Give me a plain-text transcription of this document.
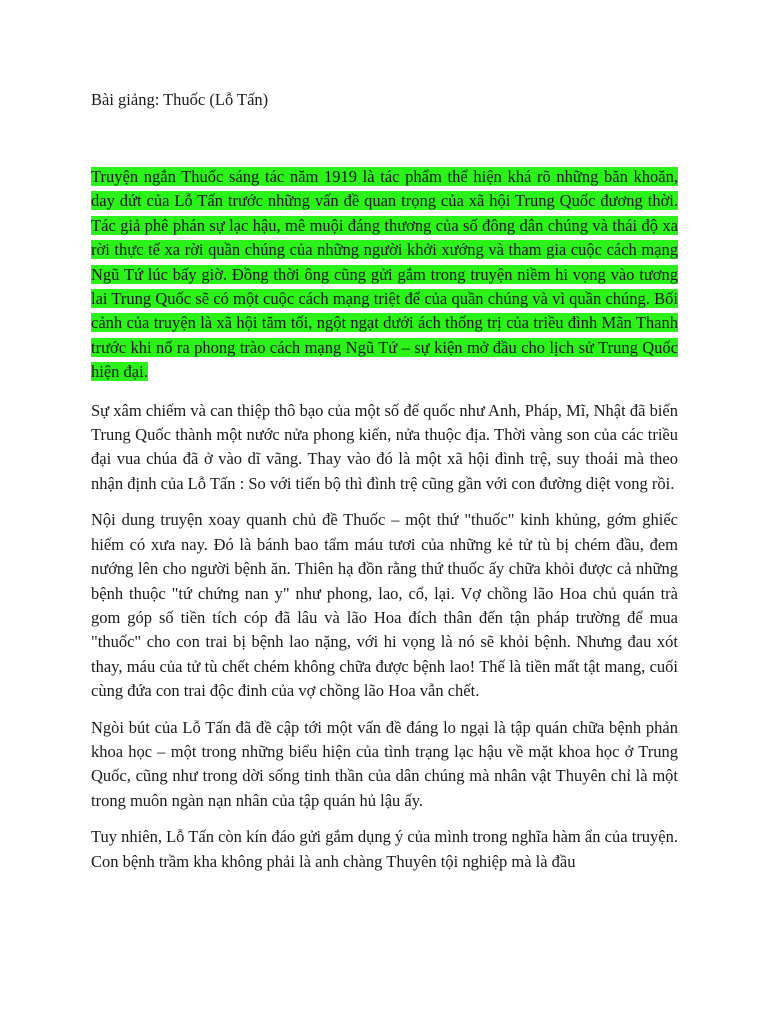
Bài giảng: Thuốc (Lỗ Tấn)

Truyện ngắn Thuốc sáng tác năm 1919 là tác phẩm thể hiện khá rõ những băn khoăn, day dứt của Lỗ Tấn trước những vấn đề quan trọng của xã hội Trung Quốc đương thời. Tác giả phê phán sự lạc hậu, mê muội đáng thương của số đông dân chúng và thái độ xa rời thực tế xa rời quần chúng của những người khởi xướng và tham gia cuộc cách mạng Ngũ Tứ lúc bấy giờ. Đồng thời ông cũng gửi gắm trong truyện niềm hi vọng vào tương lai Trung Quốc sẽ có một cuộc cách mạng triệt để của quần chúng và vì quần chúng. Bối cảnh của truyện là xã hội tăm tối, ngột ngạt dưới ách thống trị của triều đình Mãn Thanh trước khi nổ ra phong trào cách mạng Ngũ Tứ – sự kiện mở đầu cho lịch sử Trung Quốc hiện đại.

Sự xâm chiếm và can thiệp thô bạo của một số đế quốc như Anh, Pháp, Mĩ, Nhật đã biến Trung Quốc thành một nước nửa phong kiến, nửa thuộc địa. Thời vàng son của các triều đại vua chúa đã ở vào dĩ vãng. Thay vào đó là một xã hội đình trệ, suy thoái mà theo nhận định của Lỗ Tấn : So với tiến bộ thì đình trệ cũng gần với con đường diệt vong rồi.

Nội dung truyện xoay quanh chủ đề Thuốc – một thứ "thuốc" kinh khủng, gớm ghiếc hiếm có xưa nay. Đó là bánh bao tẩm máu tươi của những kẻ tử tù bị chém đầu, đem nướng lên cho người bệnh ăn. Thiên hạ đồn rằng thứ thuốc ấy chữa khỏi được cả những bệnh thuộc "tứ chứng nan y" như phong, lao, cổ, lại. Vợ chồng lão Hoa chủ quán trà gom góp số tiền tích cóp đã lâu và lão Hoa đích thân đến tận pháp trường để mua "thuốc" cho con trai bị bệnh lao nặng, với hi vọng là nó sẽ khỏi bệnh. Nhưng đau xót thay, máu của tử tù chết chém không chữa được bệnh lao! Thế là tiền mất tật mang, cuối cùng đứa con trai độc đinh của vợ chồng lão Hoa vẫn chết.

Ngòi bút của Lỗ Tấn đã đề cập tới một vấn đề đáng lo ngại là tập quán chữa bệnh phản khoa học – một trong những biểu hiện của tình trạng lạc hậu về mặt khoa học ở Trung Quốc, cũng như trong dời sống tinh thần của dân chúng mà nhân vật Thuyên chỉ là một trong muôn ngàn nạn nhân của tập quán hủ lậu ấy.

Tuy nhiên, Lỗ Tấn còn kín đáo gửi gắm dụng ý của mình trong nghĩa hàm ẩn của truyện. Con bệnh trầm kha không phải là anh chàng Thuyên tội nghiệp mà là đầu
